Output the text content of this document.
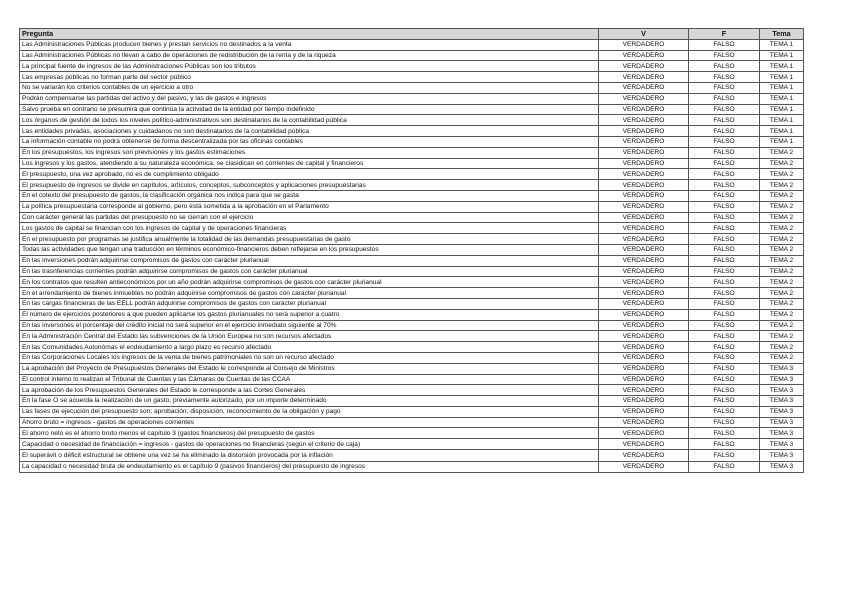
Pregunta	V	F	Tema
Las Administraciones Públicas producen bienes y prestan servicios no destinados a la venta	VERDADERO	FALSO	TEMA 1
Las Administraciones Públicas no llevan a cabo de operaciones de redistribución de la renta y de la riqueza	VERDADERO	FALSO	TEMA 1
La principal fuente de ingresos de las Administraciones Públicas son los tributos	VERDADERO	FALSO	TEMA 1
Las empresas públicas no forman parte del sector público	VERDADERO	FALSO	TEMA 1
No se variarán los criterios contables de un ejercicio a otro	VERDADERO	FALSO	TEMA 1
Podrán compensarse las partidas del activo y del pasivo, y las de gastos e ingresos	VERDADERO	FALSO	TEMA 1
Salvo prueba en contrario se presumirá que continúa la actividad de la entidad por tiempo indefinido	VERDADERO	FALSO	TEMA 1
Los órganos de gestión de todos los niveles político-administrativos son destinatarios de la contabilidad pública	VERDADERO	FALSO	TEMA 1
Las entidades privadas, asociaciones y cuidadanos no son destinatarios de la contabilidad pública	VERDADERO	FALSO	TEMA 1
La información contable no podrá obtenerse de forma descentralizada por las oficinas contables	VERDADERO	FALSO	TEMA 1
En los presupuestos, los ingresos son previsiones y los gastos estimaciones	VERDADERO	FALSO	TEMA 2
Los ingresos y los gastos, atendiendo a su naturaleza económica, se clasidican en corrientes de capital y financieros	VERDADERO	FALSO	TEMA 2
El presupuesto, una vez aprobado, no es de cumplimiento obligado	VERDADERO	FALSO	TEMA 2
El presupuesto de ingresos se divide en capítulos, artículos, conceptos, subconceptos y aplicaciones presupuestarias	VERDADERO	FALSO	TEMA 2
En el cotexto del presupuesto de gastos, la clasificación orgánica nos indica para que se gasta	VERDADERO	FALSO	TEMA 2
La política presupuestaria corresponde al gobierno, pero está sometida a la aprobación en el Parlamento	VERDADERO	FALSO	TEMA 2
Con carácter general las partidas del presupuesto no se cierran con el ejercicio	VERDADERO	FALSO	TEMA 2
Los gastos de capital se financian con los ingresos de capital y de operaciones financieras	VERDADERO	FALSO	TEMA 2
En el presupuesto por programas se justifica anualmente la totalidad de las demandas presupuestarias de gasto	VERDADERO	FALSO	TEMA 2
Todas las actividades que tengan una traducción en términos económico-financieros deben reflejarse en los presupuestos	VERDADERO	FALSO	TEMA 2
En las inversiones podrán adquirirse compromisos de gastos con carácter plurianual	VERDADERO	FALSO	TEMA 2
En las trasnferencias corrientes podrán adquirirse compromisos de gastos con carácter plurianual	VERDADERO	FALSO	TEMA 2
En los contratos que resulten antieconómicos por un año podrán adquirirse compromisos de gastos con carácter plurianual	VERDADERO	FALSO	TEMA 2
En el arrendamiento de bienes inmuebles no podrán adquirirse compromisos de gastos con carácter plurianual	VERDADERO	FALSO	TEMA 2
En las cargas financieras de las EELL podrán adquirirse compromisos de gastos con carácter plurianual	VERDADERO	FALSO	TEMA 2
El número de ejercicios posteriores a que pueden aplicarse los gastos plurianuales no será superior a cuatro	VERDADERO	FALSO	TEMA 2
En las inversones el porcentaje del crédito inicial no será superior en el ejercicio inmediato siguiente al 70%	VERDADERO	FALSO	TEMA 2
En la Administración Central del Estado las subvenciones de la Unión Europea no son recursos afectados	VERDADERO	FALSO	TEMA 2
En las Comunidades Autonómas el endeudamiento a largo plazo es recurso afectado	VERDADERO	FALSO	TEMA 2
En las Corporaciones Locales los ingresos de la venta de bienes patrimoniales no son un recurso afectado	VERDADERO	FALSO	TEMA 2
La aprobación del Proyecto de Presupuestos Generales del Estado le corresponde al Consejo de Ministros	VERDADERO	FALSO	TEMA 3
El control interno lo realizan el Tribunal de Cuentas y las Cámaras de Cuentas de las CCAA	VERDADERO	FALSO	TEMA 3
La aprobación de los Presupuestos Generales del Estado le corresponde a las Cortes Generales	VERDADERO	FALSO	TEMA 3
En la fase O se acuerda la realización de un gasto, previamente autorizado, por un importe determinado	VERDADERO	FALSO	TEMA 3
Las fases de ejecución del presupuesto son; aprobación, disposición, reconocimiento de la obligación y pago	VERDADERO	FALSO	TEMA 3
Ahorro bruto = ingresos - gastos de operaciones corrientes	VERDADERO	FALSO	TEMA 3
El ahorro neto es el ahorro bruto menos el capítulo 3 (gastos financieros) del presupuesto de gastos	VERDADERO	FALSO	TEMA 3
Capacidad o necesidad de financiación = ingresos - gastos de operaciones no financieras (según el criterio de caja)	VERDADERO	FALSO	TEMA 3
El superávit o déficit estructural se obtiene una vez se ha eliminado la distorsión provocada por la inflación	VERDADERO	FALSO	TEMA 3
La capacidad o necesidad bruta de endeudamiento es el capítulo 9 (pasivos financieros) del presupuesto de ingresos	VERDADERO	FALSO	TEMA 3
